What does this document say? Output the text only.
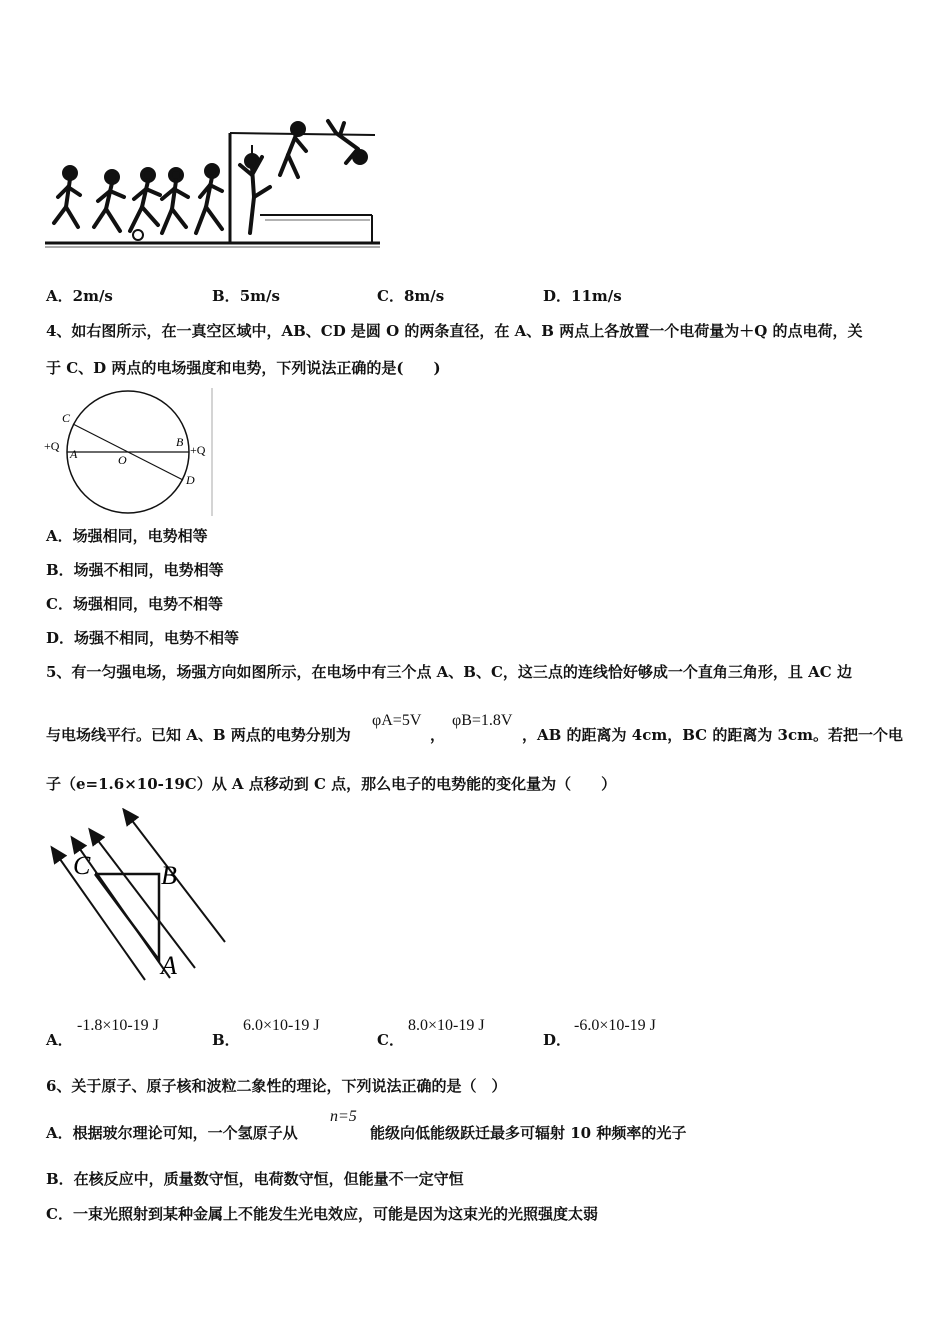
A．2m/s	B．5m/s	C．8m/s	D．11m/s
4、如右图所示，在一真空区域中，AB、CD 是圆 O 的两条直径，在 A、B 两点上各放置一个电荷量为＋Q 的点电荷，关
于 C、D 两点的电场强度和电势，下列说法正确的是(　　)
C
+Q
A	O
B
+Q
D
A．场强相同，电势相等
B．场强不相同，电势相等
C．场强相同，电势不相等
D．场强不相同，电势不相等
5、有一匀强电场，场强方向如图所示，在电场中有三个点 A、B、C，这三点的连线恰好够成一个直角三角形，且 AC 边
与电场线平行。已知 A、B 两点的电势分别为
φA=5V
，
φB=1.8V
，AB 的距离为 4cm，BC 的距离为 3cm。若把一个电
子（e=1.6×10-19C）从 A 点移动到 C 点，那么电子的电势能的变化量为（　　）
C	B
A
A．
-1.8×10-19 J
B．
6.0×10-19 J
C．
8.0×10-19 J
D．
-6.0×10-19 J
6、关于原子、原子核和波粒二象性的理论，下列说法正确的是（　）
A．根据玻尔理论可知，一个氢原子从
n=5
能级向低能级跃迁最多可辐射 10 种频率的光子
B．在核反应中，质量数守恒，电荷数守恒，但能量不一定守恒
C．一束光照射到某种金属上不能发生光电效应，可能是因为这束光的光照强度太弱
